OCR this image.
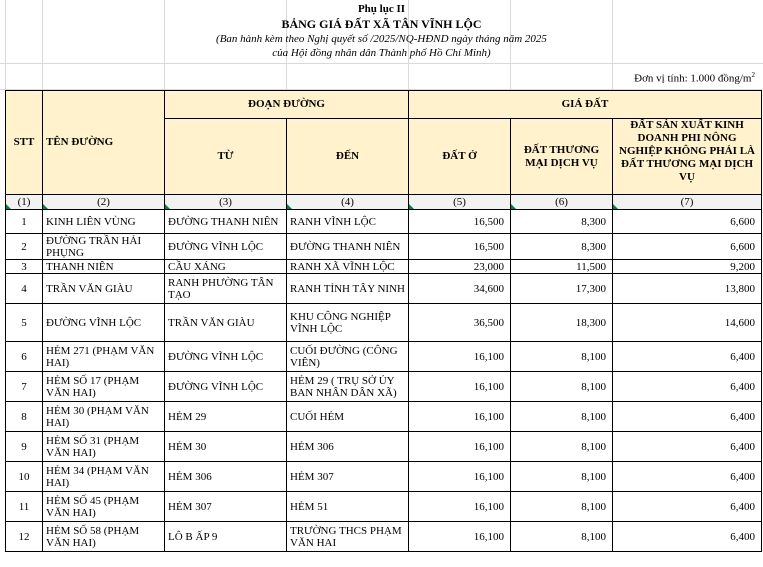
Phụ lục II
BẢNG GIÁ ĐẤT XÃ TÂN VĨNH LỘC
(Ban hành kèm theo Nghị quyết số /2025/NQ-HĐND ngày tháng năm 2025
của Hội đồng nhân dân Thành phố Hồ Chí Minh)
Đơn vị tính: 1.000 đồng/$m^2$
STT	TÊN ĐƯỜNG	ĐOẠN ĐƯỜNG		GIÁ ĐẤT		
		TỪ	ĐẾN	ĐẤT Ở	ĐẤT THƯƠNG MẠI DỊCH VỤ	ĐẤT SẢN XUẤT KINH DOANH PHI NÔNG NGHIỆP KHÔNG PHẢI LÀ ĐẤT THƯƠNG MẠI DỊCH VỤ

(1)	(2)	(3)	(4)	(5)	(6)	(7)
1	KINH LIÊN VÙNG	ĐƯỜNG THANH NIÊN	RANH VĨNH LỘC	16,500	8,300	6,600
2	ĐƯỜNG TRẦN HẢI PHỤNG	ĐƯỜNG VĨNH LỘC	ĐƯỜNG THANH NIÊN	16,500	8,300	6,600
3	THANH NIÊN	CẦU XÁNG	RANH XÃ VĨNH LỘC	23,000	11,500	9,200
4	TRẦN VĂN GIÀU	RANH PHƯỜNG TÂN TẠO	RANH TỈNH TÂY NINH	34,600	17,300	13,800
5	ĐƯỜNG VĨNH LỘC	TRẦN VĂN GIÀU	KHU CÔNG NGHIỆP VĨNH LỘC	36,500	18,300	14,600
6	HẺM 271 (PHẠM VĂN HAI)	ĐƯỜNG VĨNH LỘC	CUỐI ĐƯỜNG (CÔNG VIÊN)	16,100	8,100	6,400
7	HẺM SỐ 17 (PHẠM VĂN HAI)	ĐƯỜNG VĨNH LỘC	HẺM 29 ( TRỤ SỞ ỦY BAN NHÂN DÂN XÃ)	16,100	8,100	6,400
8	HẺM 30 (PHẠM VĂN HAI)	HẺM 29	CUỐI HẺM	16,100	8,100	6,400
9	HẺM SỐ 31 (PHẠM VĂN HAI)	HẺM 30	HẺM 306	16,100	8,100	6,400
10	HẺM 34 (PHẠM VĂN HAI)	HẺM 306	HẺM 307	16,100	8,100	6,400
11	HẺM SỐ 45 (PHẠM VĂN HAI)	HẺM 307	HẺM 51	16,100	8,100	6,400
12	HẺM SỐ 58 (PHẠM VĂN HAI)	LÔ B ẤP 9	TRƯỜNG THCS PHẠM VĂN HAI	16,100	8,100	6,400
